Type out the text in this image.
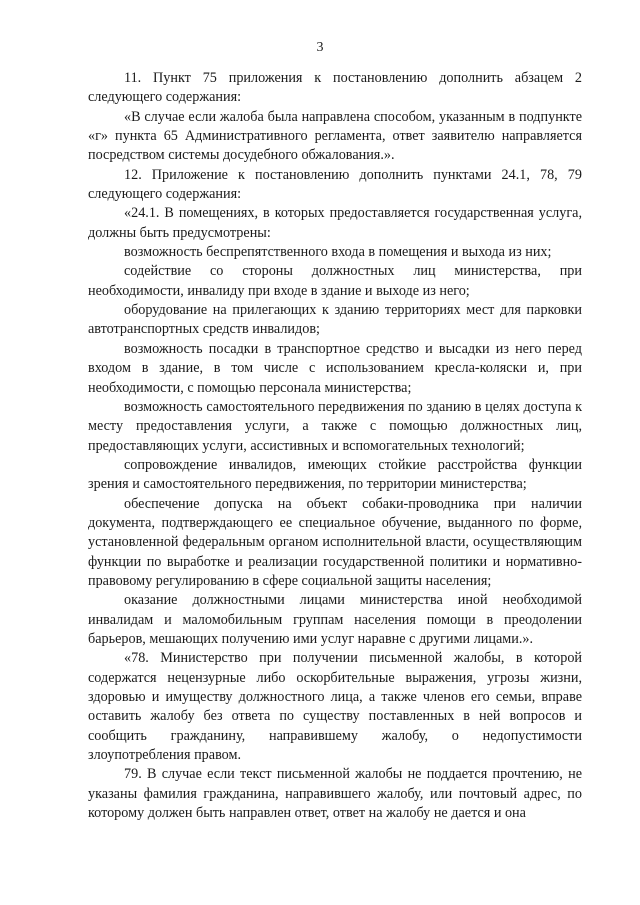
3

11. Пункт 75 приложения к постановлению дополнить абзацем 2 следующего содержания:

«В случае если жалоба была направлена способом, указанным в подпункте «г» пункта 65 Административного регламента, ответ заявителю направляется посредством системы досудебного обжалования.».

12. Приложение к постановлению дополнить пунктами 24.1, 78, 79 следующего содержания:

«24.1. В помещениях, в которых предоставляется государственная услуга, должны быть предусмотрены:

возможность беспрепятственного входа в помещения и выхода из них;

содействие со стороны должностных лиц министерства, при необходимости, инвалиду при входе в здание и выходе из него;

оборудование на прилегающих к зданию территориях мест для парковки автотранспортных средств инвалидов;

возможность посадки в транспортное средство и высадки из него перед входом в здание, в том числе с использованием кресла-коляски и, при необходимости, с помощью персонала министерства;

возможность самостоятельного передвижения по зданию в целях доступа к месту предоставления услуги, а также с помощью должностных лиц, предоставляющих услуги, ассистивных и вспомогательных технологий;

сопровождение инвалидов, имеющих стойкие расстройства функции зрения и самостоятельного передвижения, по территории министерства;

обеспечение допуска на объект собаки-проводника при наличии документа, подтверждающего ее специальное обучение, выданного по форме, установленной федеральным органом исполнительной власти, осуществляющим функции по выработке и реализации государственной политики и нормативно-правовому регулированию в сфере социальной защиты населения;

оказание должностными лицами министерства иной необходимой инвалидам и маломобильным группам населения помощи в преодолении барьеров, мешающих получению ими услуг наравне с другими лицами.».

«78. Министерство при получении письменной жалобы, в которой содержатся нецензурные либо оскорбительные выражения, угрозы жизни, здоровью и имуществу должностного лица, а также членов его семьи, вправе оставить жалобу без ответа по существу поставленных в ней вопросов и сообщить гражданину, направившему жалобу, о недопустимости злоупотребления правом.

79. В случае если текст письменной жалобы не поддается прочтению, не указаны фамилия гражданина, направившего жалобу, или почтовый адрес, по которому должен быть направлен ответ, ответ на жалобу не дается и она
